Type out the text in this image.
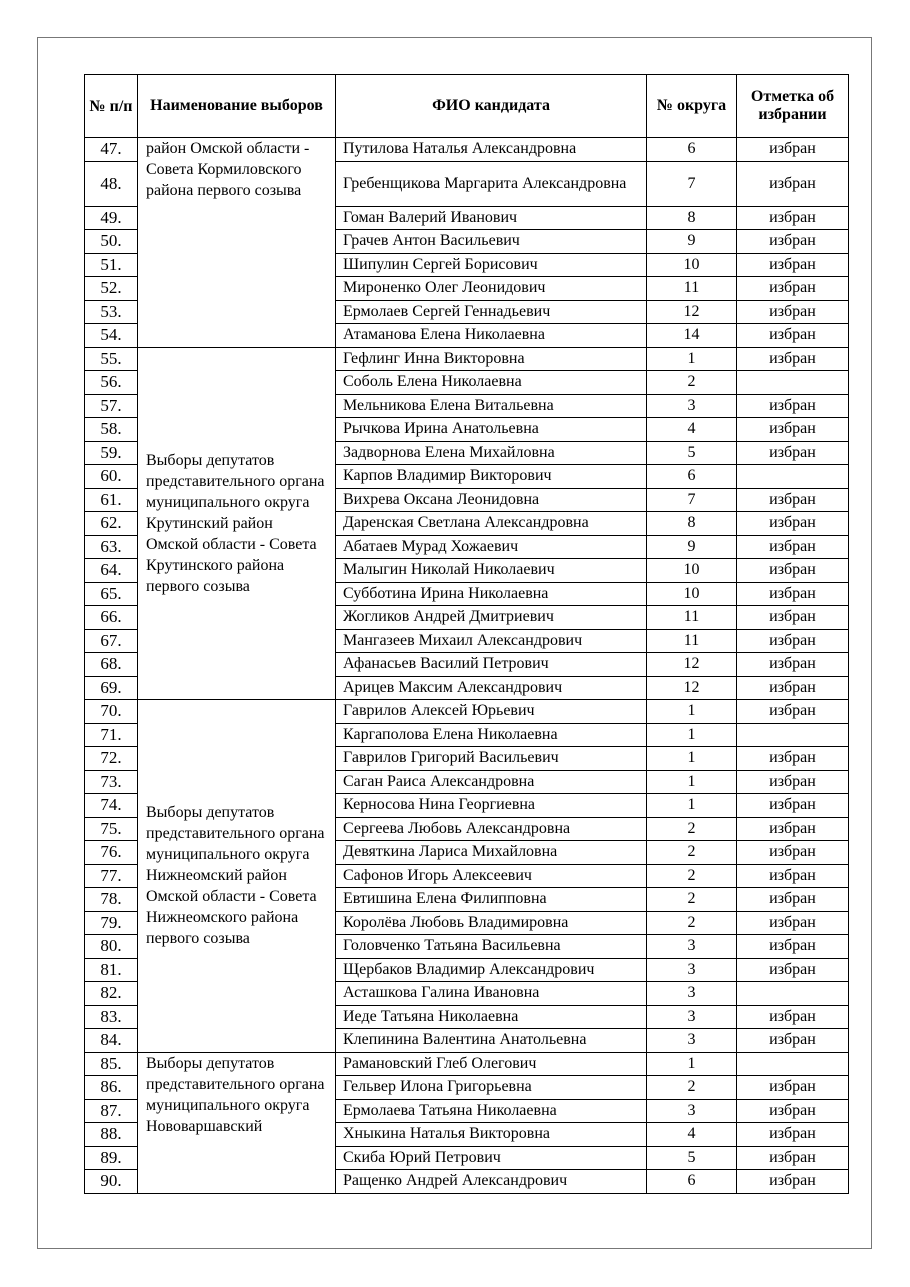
№ п/п	Наименование выборов	ФИО кандидата	№ округа	Отметка об избрании
47.	район Омской области - Совета Кормиловского района первого созыва	Путилова Наталья Александровна	6	избран
48.		Гребенщикова Маргарита Александровна	7	избран
49.		Гоман Валерий Иванович	8	избран
50.		Грачев Антон Васильевич	9	избран
51.		Шипулин Сергей Борисович	10	избран
52.		Мироненко Олег Леонидович	11	избран
53.		Ермолаев Сергей Геннадьевич	12	избран
54.		Атаманова Елена Николаевна	14	избран
55.	Выборы депутатов представительного органа муниципального округа Крутинский район Омской области - Совета Крутинского района первого созыва	Гефлинг Инна Викторовна	1	избран
56.		Соболь Елена Николаевна	2	
57.		Мельникова Елена Витальевна	3	избран
58.		Рычкова Ирина Анатольевна	4	избран
59.		Задворнова Елена Михайловна	5	избран
60.		Карпов Владимир Викторович	6	
61.		Вихрева Оксана Леонидовна	7	избран
62.		Даренская Светлана Александровна	8	избран
63.		Абатаев Мурад Хожаевич	9	избран
64.		Малыгин Николай Николаевич	10	избран
65.		Субботина Ирина Николаевна	10	избран
66.		Жогликов Андрей Дмитриевич	11	избран
67.		Мангазеев Михаил Александрович	11	избран
68.		Афанасьев Василий Петрович	12	избран
69.		Арицев Максим Александрович	12	избран
70.	Выборы депутатов представительного органа муниципального округа Нижнеомский район Омской области - Совета Нижнеомского района первого созыва	Гаврилов Алексей Юрьевич	1	избран
71.		Каргаполова Елена Николаевна	1	
72.		Гаврилов Григорий Васильевич	1	избран
73.		Саган Раиса Александровна	1	избран
74.		Керносова Нина Георгиевна	1	избран
75.		Сергеева Любовь Александровна	2	избран
76.		Девяткина Лариса Михайловна	2	избран
77.		Сафонов Игорь Алексеевич	2	избран
78.		Евтишина Елена Филипповна	2	избран
79.		Королёва Любовь Владимировна	2	избран
80.		Головченко Татьяна Васильевна	3	избран
81.		Щербаков Владимир Александрович	3	избран
82.		Асташкова Галина Ивановна	3	
83.		Иеде Татьяна Николаевна	3	избран
84.		Клепинина Валентина Анатольевна	3	избран
85.	Выборы депутатов представительного органа муниципального округа Нововаршавский	Рамановский Глеб Олегович	1	
86.		Гельвер Илона Григорьевна	2	избран
87.		Ермолаева Татьяна Николаевна	3	избран
88.		Хныкина Наталья Викторовна	4	избран
89.		Скиба Юрий Петрович	5	избран
90.		Ращенко Андрей Александрович	6	избран
